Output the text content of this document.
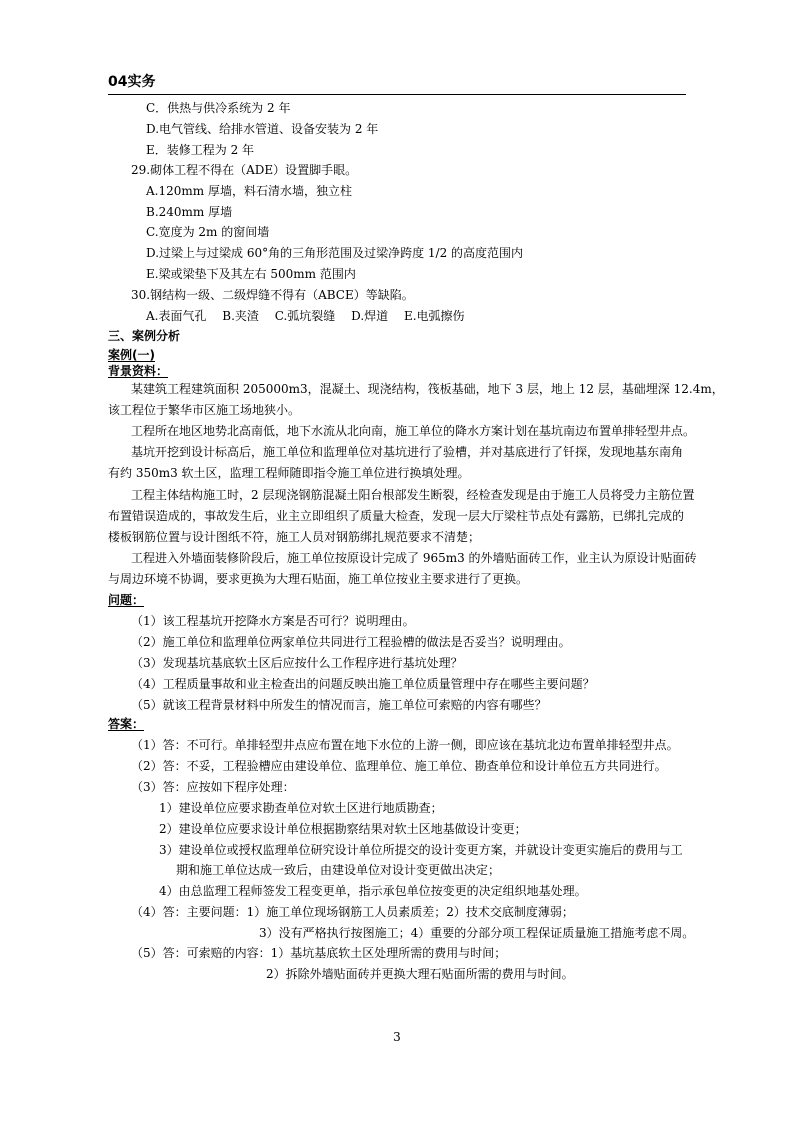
04实务
C．供热与供冷系统为 2 年
D.电气管线、给排水管道、设备安装为 2 年
E．装修工程为 2 年
29.砌体工程不得在（ADE）设置脚手眼。
A.120mm 厚墙，料石清水墙，独立柱
B.240mm 厚墙
C.宽度为 2m 的窗间墙
D.过梁上与过梁成 60°角的三角形范围及过梁净跨度 1/2 的高度范围内
E.梁或梁垫下及其左右 500mm 范围内
30.钢结构一级、二级焊缝不得有（ABCE）等缺陷。
A.表面气孔　 B.夹渣　 C.弧坑裂缝　 D.焊道　 E.电弧擦伤
三、案例分析
案例(一)
背景资料：
某建筑工程建筑面积 205000m3，混凝土、现浇结构，筏板基础，地下 3 层，地上 12 层，基础埋深 12.4m，
该工程位于繁华市区施工场地狭小。
工程所在地区地势北高南低，地下水流从北向南，施工单位的降水方案计划在基坑南边布置单排轻型井点。
基坑开挖到设计标高后，施工单位和监理单位对基坑进行了验槽，并对基底进行了钎探，发现地基东南角
有约 350m3 软土区，监理工程师随即指令施工单位进行换填处理。
工程主体结构施工时，2 层现浇钢筋混凝土阳台根部发生断裂，经检查发现是由于施工人员将受力主筋位置
布置错误造成的，事故发生后，业主立即组织了质量大检查，发现一层大厅梁柱节点处有露筋，已绑扎完成的
楼板钢筋位置与设计图纸不符，施工人员对钢筋绑扎规范要求不清楚；
工程进入外墙面装修阶段后，施工单位按原设计完成了 965m3 的外墙贴面砖工作，业主认为原设计贴面砖
与周边环境不协调，要求更换为大理石贴面，施工单位按业主要求进行了更换。
问题：
（1）该工程基坑开挖降水方案是否可行？说明理由。
（2）施工单位和监理单位两家单位共同进行工程验槽的做法是否妥当？说明理由。
（3）发现基坑基底软土区后应按什么工作程序进行基坑处理？
（4）工程质量事故和业主检查出的问题反映出施工单位质量管理中存在哪些主要问题？
（5）就该工程背景材料中所发生的情况而言，施工单位可索赔的内容有哪些？
答案：
（1）答：不可行。单排轻型井点应布置在地下水位的上游一侧，即应该在基坑北边布置单排轻型井点。
（2）答：不妥，工程验槽应由建设单位、监理单位、施工单位、勘查单位和设计单位五方共同进行。
（3）答：应按如下程序处理：
1）建设单位应要求勘查单位对软土区进行地质勘查；
2）建设单位应要求设计单位根据勘察结果对软土区地基做设计变更；
3）建设单位或授权监理单位研究设计单位所提交的设计变更方案，并就设计变更实施后的费用与工
期和施工单位达成一致后，由建设单位对设计变更做出决定；
4）由总监理工程师签发工程变更单，指示承包单位按变更的决定组织地基处理。
（4）答：主要问题：1）施工单位现场钢筋工人员素质差；2）技术交底制度薄弱；
3）没有严格执行按图施工；4）重要的分部分项工程保证质量施工措施考虑不周。
（5）答：可索赔的内容：1）基坑基底软土区处理所需的费用与时间；
2）拆除外墙贴面砖并更换大理石贴面所需的费用与时间。
3
